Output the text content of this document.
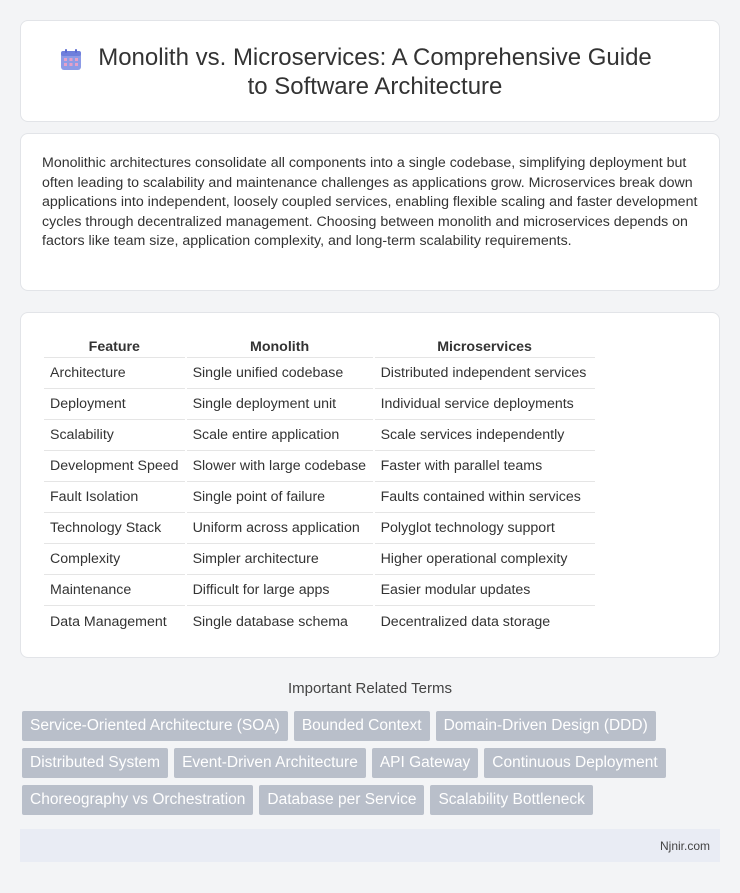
Monolith vs. Microservices: A Comprehensive Guide to Software Architecture

Monolithic architectures consolidate all components into a single codebase, simplifying deployment but often leading to scalability and maintenance challenges as applications grow. Microservices break down applications into independent, loosely coupled services, enabling flexible scaling and faster development cycles through decentralized management. Choosing between monolith and microservices depends on factors like team size, application complexity, and long-term scalability requirements.

Feature	Monolith	Microservices
Architecture	Single unified codebase	Distributed independent services
Deployment	Single deployment unit	Individual service deployments
Scalability	Scale entire application	Scale services independently
Development Speed	Slower with large codebase	Faster with parallel teams
Fault Isolation	Single point of failure	Faults contained within services
Technology Stack	Uniform across application	Polyglot technology support
Complexity	Simpler architecture	Higher operational complexity
Maintenance	Difficult for large apps	Easier modular updates
Data Management	Single database schema	Decentralized data storage
Important Related Terms
Service-Oriented Architecture (SOA)	Bounded Context	Domain-Driven Design (DDD)
Distributed System	Event-Driven Architecture	API Gateway	Continuous Deployment
Choreography vs Orchestration	Database per Service	Scalability Bottleneck
Njnir.com
